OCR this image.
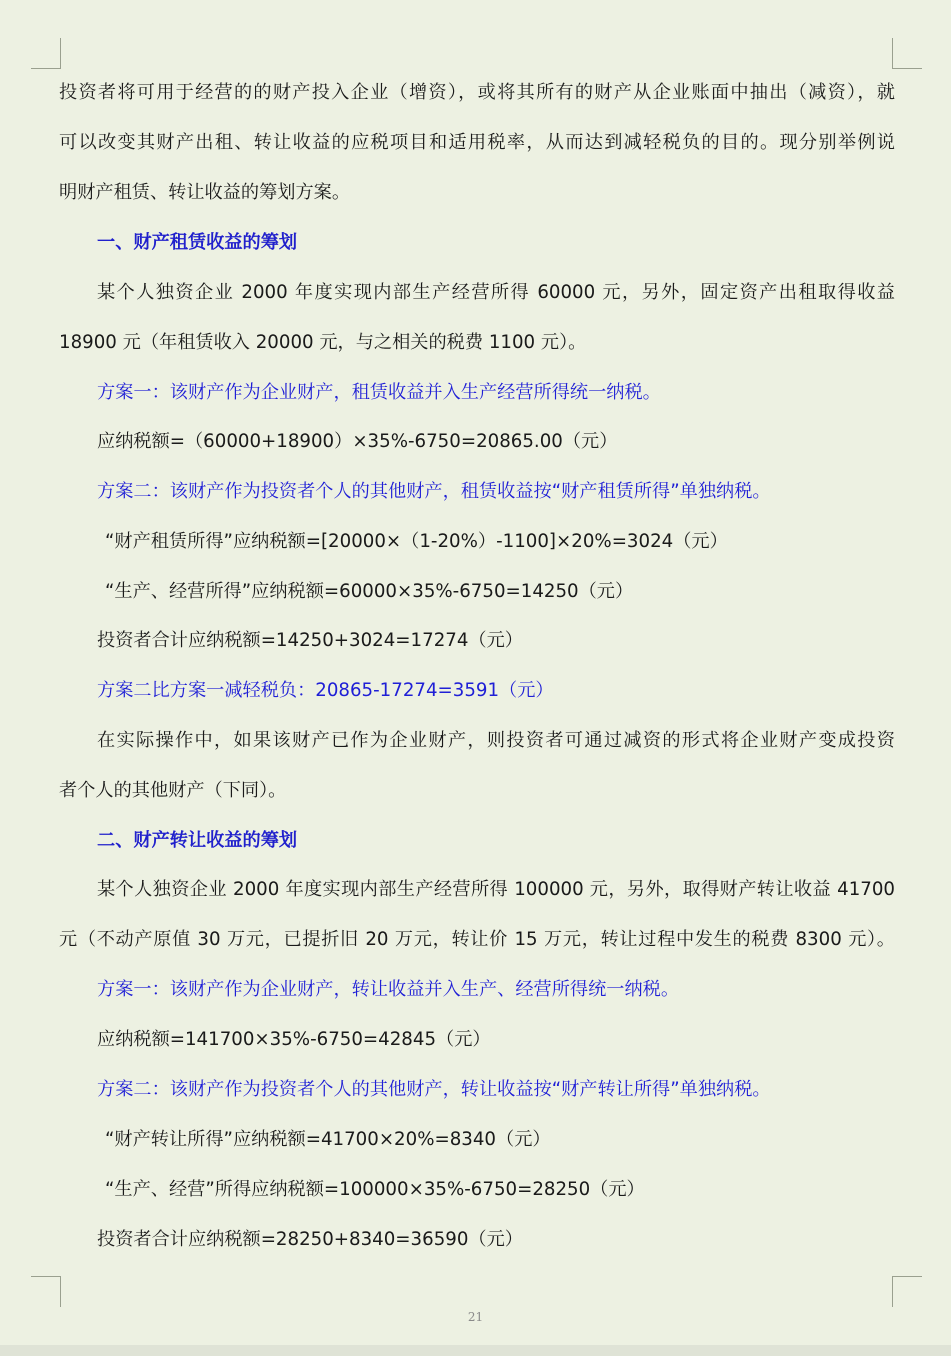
投资者将可用于经营的的财产投入企业（增资），或将其所有的财产从企业账面中抽出（减资），就
可以改变其财产出租、转让收益的应税项目和适用税率，从而达到减轻税负的目的。现分别举例说
明财产租赁、转让收益的筹划方案。
一、财产租赁收益的筹划
某个人独资企业 2000 年度实现内部生产经营所得 60000 元，另外，固定资产出租取得收益
18900 元（年租赁收入 20000 元，与之相关的税费 1100 元）。
方案一：该财产作为企业财产，租赁收益并入生产经营所得统一纳税。
应纳税额=（60000+18900）×35%-6750=20865.00（元）
方案二：该财产作为投资者个人的其他财产，租赁收益按“财产租赁所得”单独纳税。
“财产租赁所得”应纳税额=[20000×（1-20%）-1100]×20%=3024（元）
“生产、经营所得”应纳税额=60000×35%-6750=14250（元）
投资者合计应纳税额=14250+3024=17274（元）
方案二比方案一减轻税负：20865-17274=3591（元）
在实际操作中，如果该财产已作为企业财产，则投资者可通过减资的形式将企业财产变成投资
者个人的其他财产（下同）。
二、财产转让收益的筹划
某个人独资企业 2000 年度实现内部生产经营所得 100000 元，另外，取得财产转让收益 41700
元（不动产原值 30 万元，已提折旧 20 万元，转让价 15 万元，转让过程中发生的税费 8300 元）。
方案一：该财产作为企业财产，转让收益并入生产、经营所得统一纳税。
应纳税额=141700×35%-6750=42845（元）
方案二：该财产作为投资者个人的其他财产，转让收益按“财产转让所得”单独纳税。
“财产转让所得”应纳税额=41700×20%=8340（元）
“生产、经营”所得应纳税额=100000×35%-6750=28250（元）
投资者合计应纳税额=28250+8340=36590（元）
21
